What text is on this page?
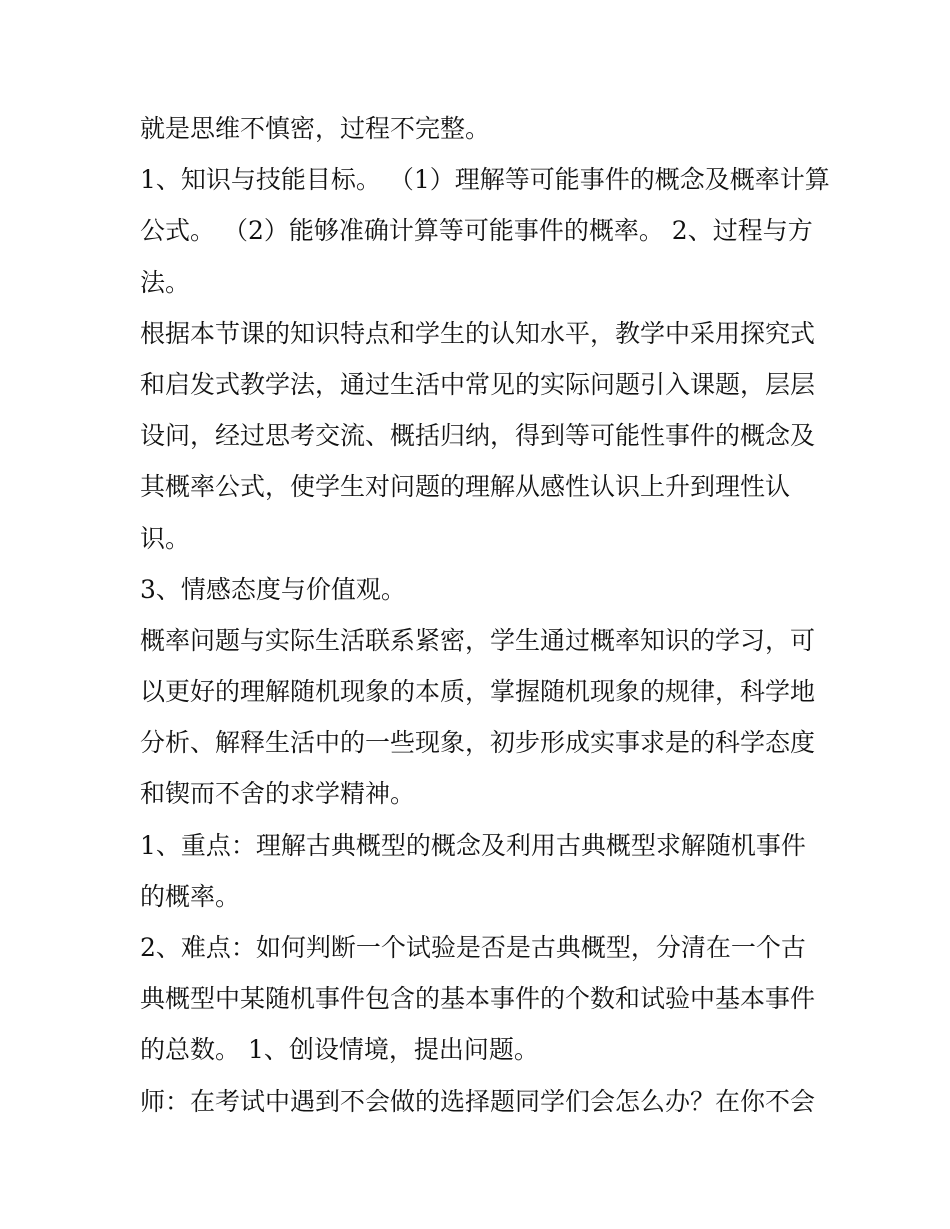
就是思维不慎密，过程不完整。
1、知识与技能目标。 （1）理解等可能事件的概念及概率计算
公式。 （2）能够准确计算等可能事件的概率。 2、过程与方
法。
根据本节课的知识特点和学生的认知水平，教学中采用探究式
和启发式教学法，通过生活中常见的实际问题引入课题，层层
设问，经过思考交流、概括归纳，得到等可能性事件的概念及
其概率公式，使学生对问题的理解从感性认识上升到理性认
识。
3、情感态度与价值观。
概率问题与实际生活联系紧密，学生通过概率知识的学习，可
以更好的理解随机现象的本质，掌握随机现象的规律，科学地
分析、解释生活中的一些现象，初步形成实事求是的科学态度
和锲而不舍的求学精神。
1、重点：理解古典概型的概念及利用古典概型求解随机事件
的概率。
2、难点：如何判断一个试验是否是古典概型，分清在一个古
典概型中某随机事件包含的基本事件的个数和试验中基本事件
的总数。 1、创设情境，提出问题。
师：在考试中遇到不会做的选择题同学们会怎么办？在你不会
